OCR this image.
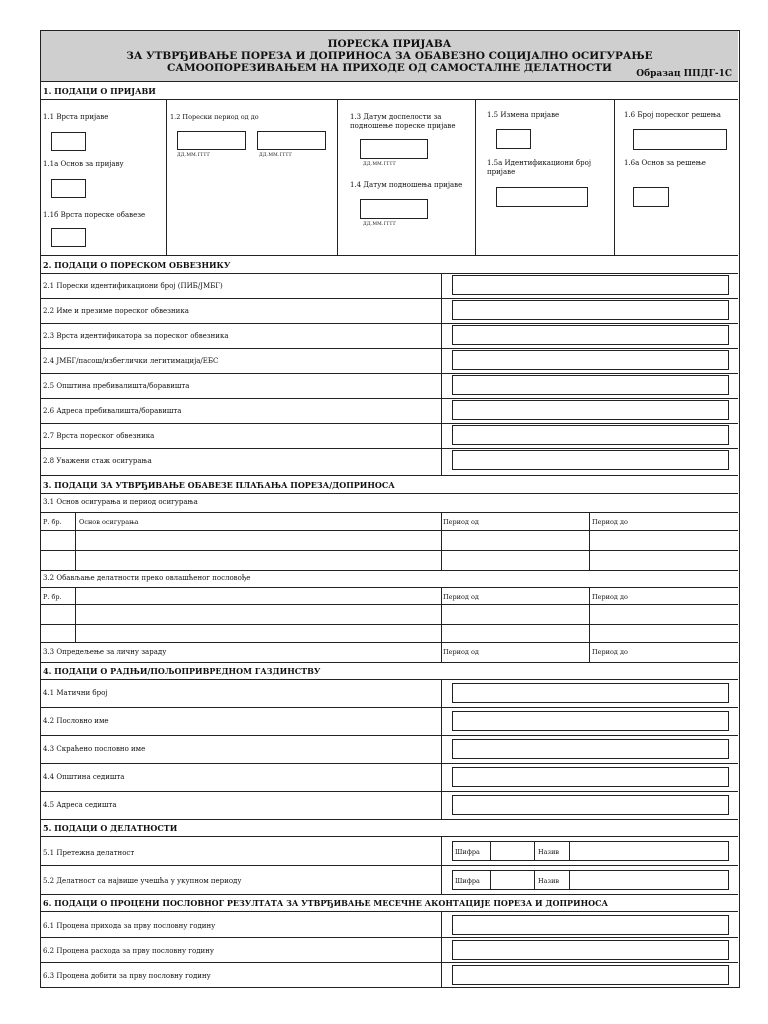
ПОРЕСКА ПРИЈАВА
ЗА УТВРЂИВАЊЕ ПОРЕЗА И ДОПРИНОСА ЗА ОБАВЕЗНО СОЦИЈАЛНО ОСИГУРАЊЕ
САМООПОРЕЗИВАЊЕМ НА ПРИХОДЕ ОД САМОСТАЛНЕ ДЕЛАТНОСТИ	Образац ППДГ-1С
1. ПОДАЦИ О ПРИЈАВИ
1.1 Врста пријаве
1.1а Основ за пријаву
1.1б Врста пореске обавезе
1.2 Порески период од до
ДД.ММ.ГГГГ	ДД.ММ.ГГГГ
1.3 Датум доспелости за подношење пореске пријаве
ДД.ММ.ГГГГ
1.4 Датум подношења пријаве
ДД.ММ.ГГГГ
1.5 Измена пријаве
1.5а Идентификациони број пријаве
1.6 Број пореског решења
1.6а Основ за решење
2. ПОДАЦИ О ПОРЕСКОМ ОБВЕЗНИКУ
2.1 Порески идентификациони број (ПИБ/ЈМБГ)
2.2 Име и презиме пореског обвезника
2.3 Врста идентификатора за пореског обвезника
2.4 ЈМБГ/пасош/избеглички легитимација/ЕБС
2.5 Општина пребивалишта/боравишта
2.6 Адреса пребивалишта/боравишта
2.7 Врста пореског обвезника
2.8 Уважени стаж осигурања
3. ПОДАЦИ ЗА УТВРЂИВАЊЕ ОБАВЕЗЕ ПЛАЋАЊА ПОРЕЗА/ДОПРИНОСА
3.1 Основ осигурања и период осигурања
Р. бр.	Основ осигурања	Период од	Период до
3.2 Обављање делатности преко овлашћеног пословође
Р. бр.	Период од	Период до
3.3 Опредељење за личну зараду	Период од	Период до
4. ПОДАЦИ О РАДЊИ/ПОЉОПРИВРЕДНОМ ГАЗДИНСТВУ
4.1 Матични број
4.2 Пословно име
4.3 Скраћено пословно име
4.4 Општина седишта
4.5 Адреса седишта
5. ПОДАЦИ О ДЕЛАТНОСТИ
5.1 Претежна делатност	Шифра	Назив
5.2 Делатност са највише учешћа у укупном периоду	Шифра	Назив
6. ПОДАЦИ О ПРОЦЕНИ ПОСЛОВНОГ РЕЗУЛТАТА ЗА УТВРЂИВАЊЕ МЕСЕЧНЕ АКОНТАЦИЈЕ ПОРЕЗА И ДОПРИНОСА
6.1 Процена прихода за прву пословну годину
6.2 Процена расхода за прву пословну годину
6.3 Процена добити за прву пословну годину
